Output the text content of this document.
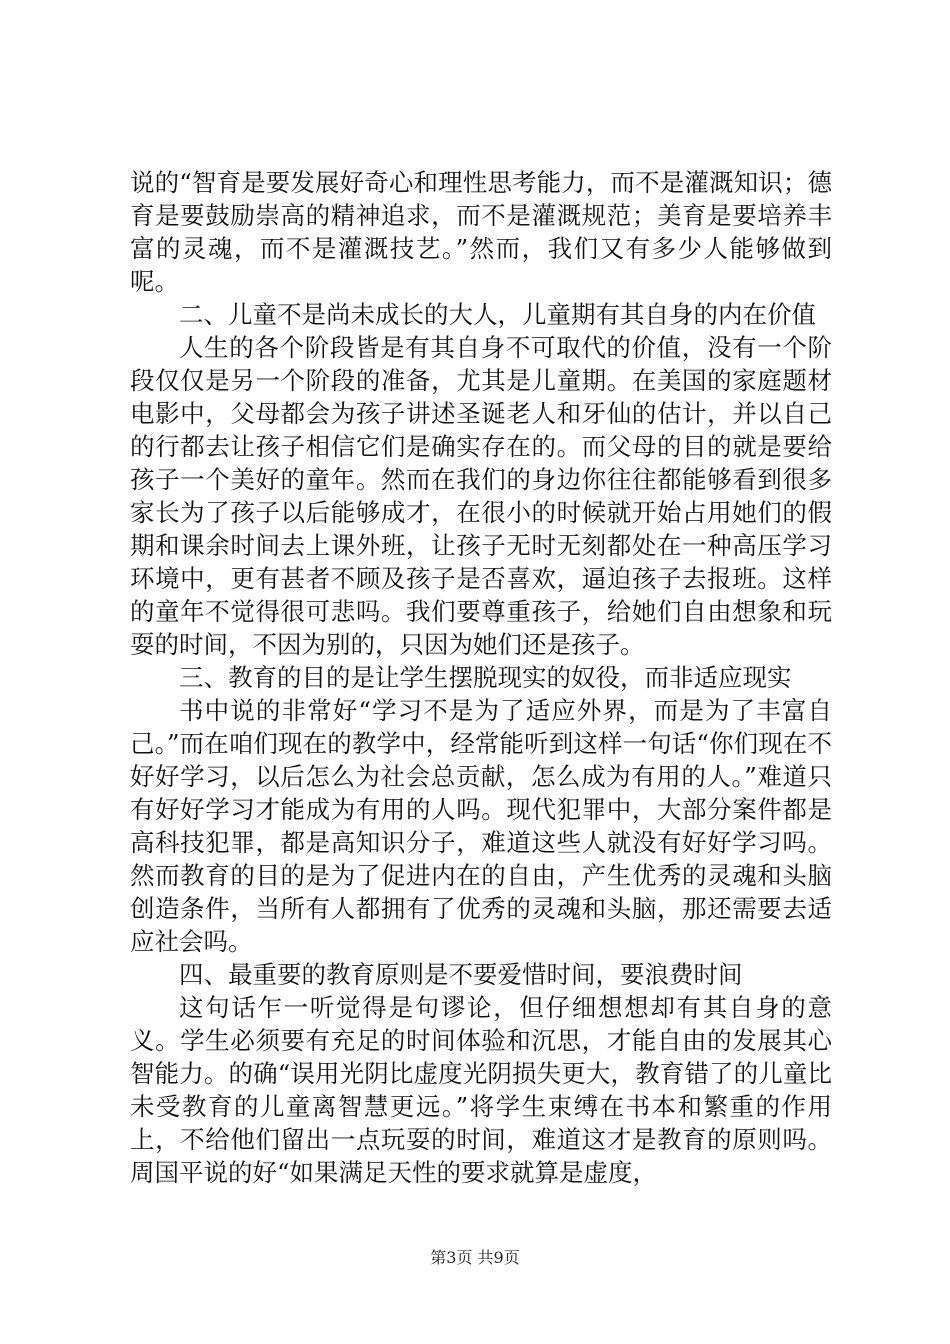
说的“智育是要发展好奇心和理性思考能力，而不是灌溉知识；德育是要鼓励崇高的精神追求，而不是灌溉规范；美育是要培养丰富的灵魂，而不是灌溉技艺。”然而，我们又有多少人能够做到呢。

二、儿童不是尚未成长的大人，儿童期有其自身的内在价值

人生的各个阶段皆是有其自身不可取代的价值，没有一个阶段仅仅是另一个阶段的准备，尤其是儿童期。在美国的家庭题材电影中，父母都会为孩子讲述圣诞老人和牙仙的估计，并以自己的行都去让孩子相信它们是确实存在的。而父母的目的就是要给孩子一个美好的童年。然而在我们的身边你往往都能够看到很多家长为了孩子以后能够成才，在很小的时候就开始占用她们的假期和课余时间去上课外班，让孩子无时无刻都处在一种高压学习环境中，更有甚者不顾及孩子是否喜欢，逼迫孩子去报班。这样的童年不觉得很可悲吗。我们要尊重孩子，给她们自由想象和玩耍的时间，不因为别的，只因为她们还是孩子。

三、教育的目的是让学生摆脱现实的奴役，而非适应现实

书中说的非常好“学习不是为了适应外界，而是为了丰富自己。”而在咱们现在的教学中，经常能听到这样一句话“你们现在不好好学习，以后怎么为社会总贡献，怎么成为有用的人。”难道只有好好学习才能成为有用的人吗。现代犯罪中，大部分案件都是高科技犯罪，都是高知识分子，难道这些人就没有好好学习吗。然而教育的目的是为了促进内在的自由，产生优秀的灵魂和头脑创造条件，当所有人都拥有了优秀的灵魂和头脑，那还需要去适应社会吗。

四、最重要的教育原则是不要爱惜时间，要浪费时间

这句话乍一听觉得是句谬论，但仔细想想却有其自身的意义。学生必须要有充足的时间体验和沉思，才能自由的发展其心智能力。的确“误用光阴比虚度光阴损失更大，教育错了的儿童比未受教育的儿童离智慧更远。”将学生束缚在书本和繁重的作用上，不给他们留出一点玩耍的时间，难道这才是教育的原则吗。周国平说的好“如果满足天性的要求就算是虚度，

第3页 共9页
